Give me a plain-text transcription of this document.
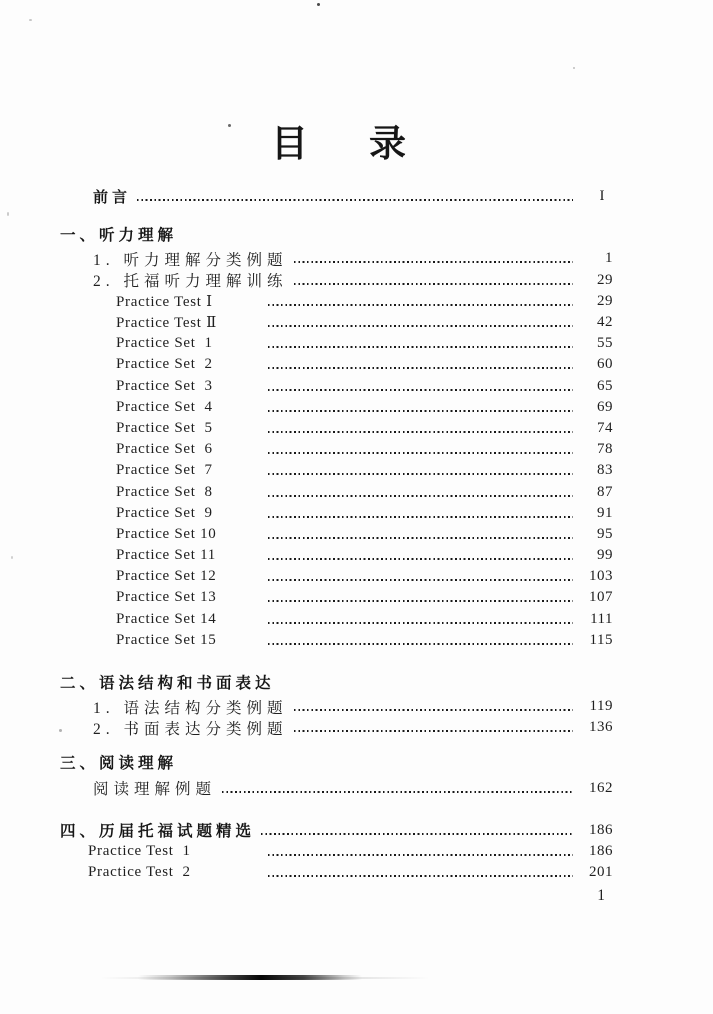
目　录
前言	I
一、听力理解
1. 听力理解分类例题	1
2. 托福听力理解训练	29
Practice Test Ⅰ	29
Practice Test Ⅱ	42
Practice Set  1	55
Practice Set  2	60
Practice Set  3	65
Practice Set  4	69
Practice Set  5	74
Practice Set  6	78
Practice Set  7	83
Practice Set  8	87
Practice Set  9	91
Practice Set 10	95
Practice Set 11	99
Practice Set 12	103
Practice Set 13	107
Practice Set 14	111
Practice Set 15	115
二、语法结构和书面表达
1. 语法结构分类例题	119
2. 书面表达分类例题	136
三、阅读理解
阅读理解例题	162
四、历届托福试题精选	186
Practice Test  1	186
Practice Test  2	201
1
